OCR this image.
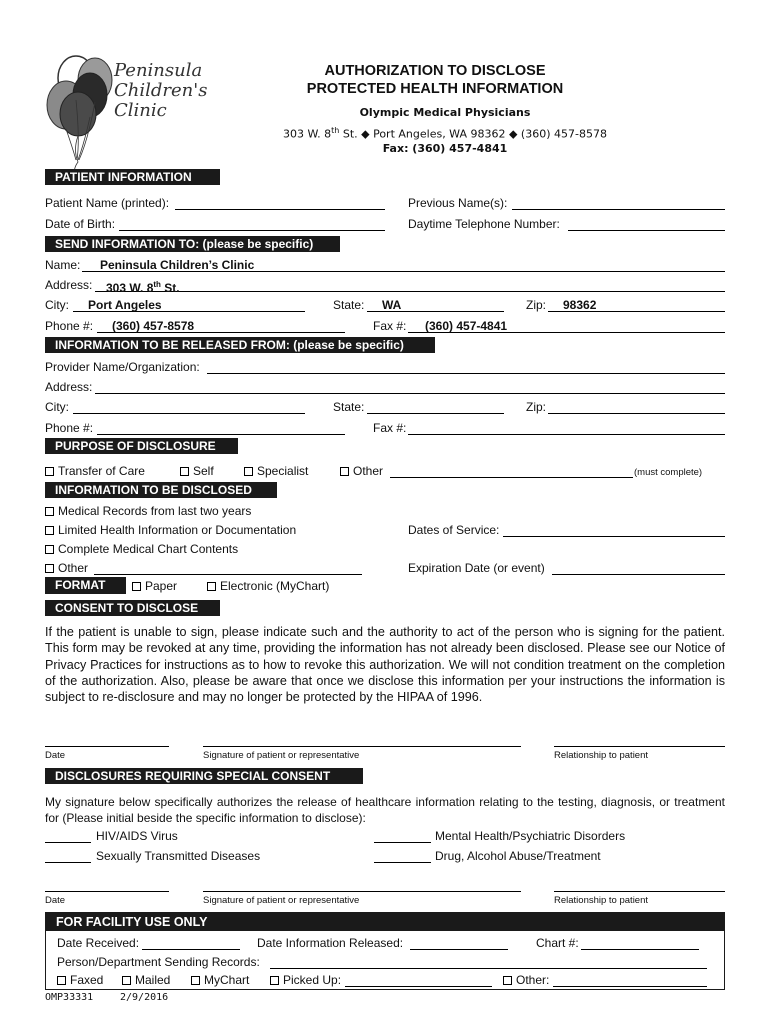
Peninsula
Children's
Clinic
AUTHORIZATION TO DISCLOSE
PROTECTED HEALTH INFORMATION
Olympic Medical Physicians
303 W. 8th St. ◆ Port Angeles, WA 98362 ◆ (360) 457-8578
Fax: (360) 457-4841
PATIENT INFORMATION
Patient Name (printed):	Previous Name(s):
Date of Birth:	Daytime Telephone Number:
SEND INFORMATION TO: (please be specific)
Name: Peninsula Children’s Clinic
Address: 303 W. 8th St.
City: Port Angeles	State: WA	Zip: 98362
Phone #: (360) 457-8578	Fax #: (360) 457-4841
INFORMATION TO BE RELEASED FROM: (please be specific)
Provider Name/Organization:
Address:
City:	State:	Zip:
Phone #:	Fax #:
PURPOSE OF DISCLOSURE
Transfer of Care	Self	Specialist	Other	(must complete)
INFORMATION TO BE DISCLOSED
Medical Records from last two years
Limited Health Information or Documentation	Dates of Service:
Complete Medical Chart Contents
Other	Expiration Date (or event)
FORMAT	Paper	Electronic (MyChart)
CONSENT TO DISCLOSE
If the patient is unable to sign, please indicate such and the authority to act of the person who is signing for the patient. This form may be revoked at any time, providing the information has not already been disclosed. Please see our Notice of Privacy Practices for instructions as to how to revoke this authorization. We will not condition treatment on the completion of the authorization. Also, please be aware that once we disclose this information per your instructions the information is subject to re-disclosure and may no longer be protected by the HIPAA of 1996.
Date	Signature of patient or representative	Relationship to patient
DISCLOSURES REQUIRING SPECIAL CONSENT
My signature below specifically authorizes the release of healthcare information relating to the testing, diagnosis, or treatment for (Please initial beside the specific information to disclose):
HIV/AIDS Virus	Mental Health/Psychiatric Disorders
Sexually Transmitted Diseases	Drug, Alcohol Abuse/Treatment
Date	Signature of patient or representative	Relationship to patient
FOR FACILITY USE ONLY
Date Received:	Date Information Released:	Chart #:
Person/Department Sending Records:
Faxed	Mailed	MyChart	Picked Up:	Other:
OMP33331	2/9/2016
